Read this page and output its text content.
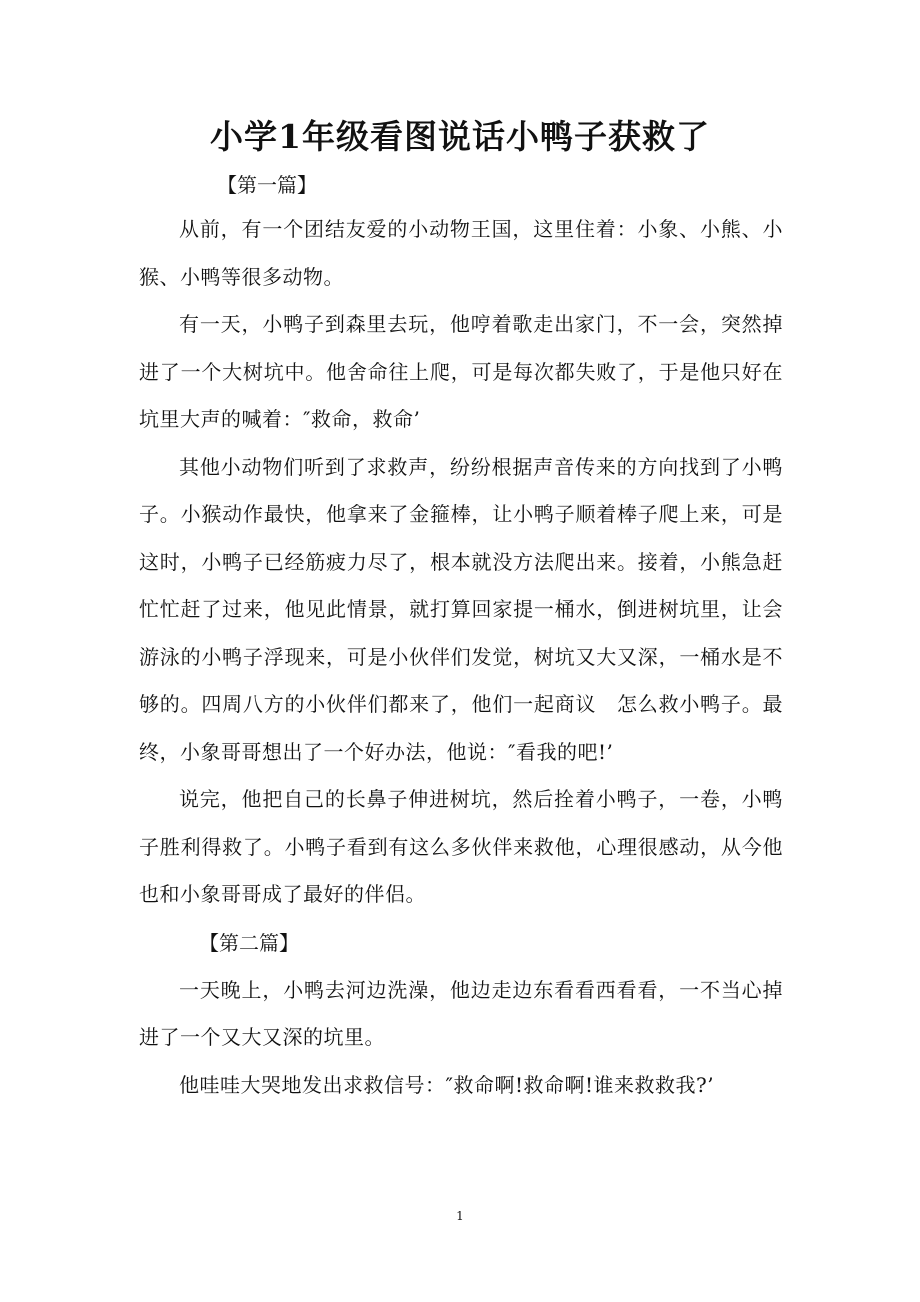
小学1年级看图说话小鸭子获救了

【第一篇】

从前，有一个团结友爱的小动物王国，这里住着：小象、小熊、小猴、小鸭等很多动物。

有一天，小鸭子到森里去玩，他哼着歌走出家门，不一会，突然掉进了一个大树坑中。他舍命往上爬，可是每次都失败了，于是他只好在坑里大声的喊着：″救命，救命’

其他小动物们听到了求救声，纷纷根据声音传来的方向找到了小鸭子。小猴动作最快，他拿来了金箍棒，让小鸭子顺着棒子爬上来，可是这时，小鸭子已经筋疲力尽了，根本就没方法爬出来。接着，小熊急赶忙忙赶了过来，他见此情景，就打算回家提一桶水，倒进树坑里，让会游泳的小鸭子浮现来，可是小伙伴们发觉，树坑又大又深，一桶水是不够的。四周八方的小伙伴们都来了，他们一起商议　怎么救小鸭子。最终，小象哥哥想出了一个好办法，他说：″看我的吧!’

说完，他把自己的长鼻子伸进树坑，然后拴着小鸭子，一卷，小鸭子胜利得救了。小鸭子看到有这么多伙伴来救他，心理很感动，从今他也和小象哥哥成了最好的伴侣。

【第二篇】

一天晚上，小鸭去河边洗澡，他边走边东看看西看看，一不当心掉进了一个又大又深的坑里。

他哇哇大哭地发出求救信号：″救命啊!救命啊!谁来救救我?’

1
